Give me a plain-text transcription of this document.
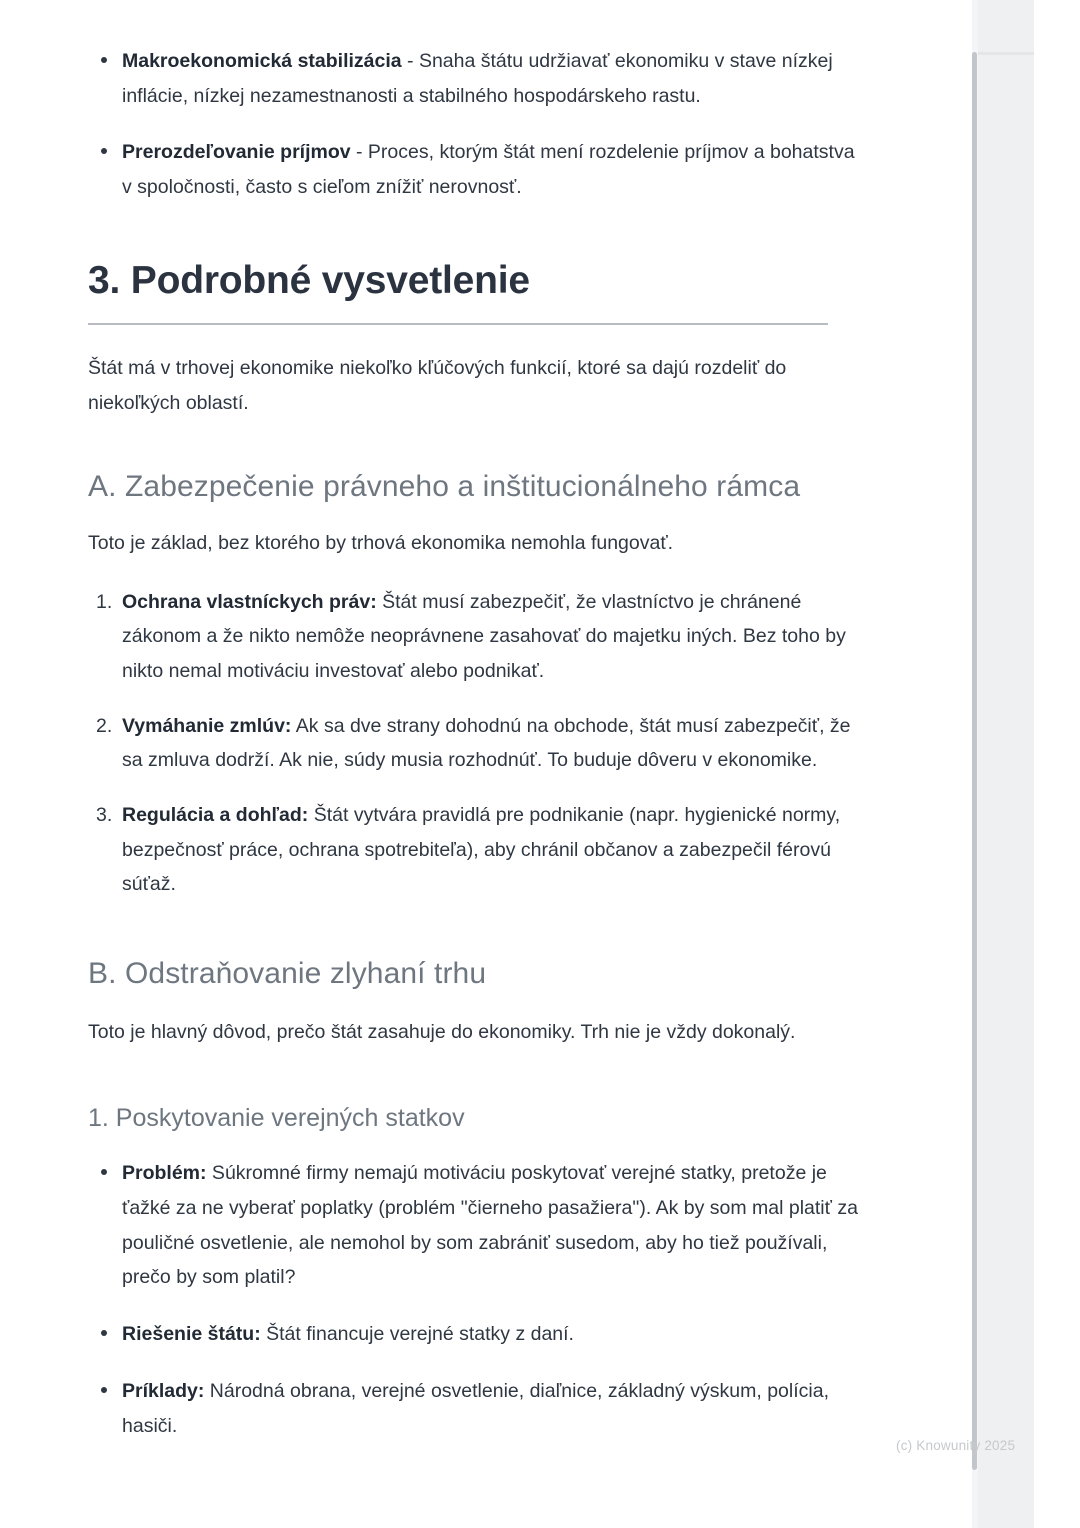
Makroekonomická stabilizácia - Snaha štátu udržiavať ekonomiku v stave nízkej inflácie, nízkej nezamestnanosti a stabilného hospodárskeho rastu.
Prerozdeľovanie príjmov - Proces, ktorým štát mení rozdelenie príjmov a bohatstva v spoločnosti, často s cieľom znížiť nerovnosť.
3. Podrobné vysvetlenie

Štát má v trhovej ekonomike niekoľko kľúčových funkcií, ktoré sa dajú rozdeliť do niekoľkých oblastí.

A. Zabezpečenie právneho a inštitucionálneho rámca

Toto je základ, bez ktorého by trhová ekonomika nemohla fungovať.

Ochrana vlastníckych práv: Štát musí zabezpečiť, že vlastníctvo je chránené zákonom a že nikto nemôže neoprávnene zasahovať do majetku iných. Bez toho by nikto nemal motiváciu investovať alebo podnikať.
Vymáhanie zmlúv: Ak sa dve strany dohodnú na obchode, štát musí zabezpečiť, že sa zmluva dodrží. Ak nie, súdy musia rozhodnúť. To buduje dôveru v ekonomike.
Regulácia a dohľad: Štát vytvára pravidlá pre podnikanie (napr. hygienické normy, bezpečnosť práce, ochrana spotrebiteľa), aby chránil občanov a zabezpečil férovú súťaž.
B. Odstraňovanie zlyhaní trhu

Toto je hlavný dôvod, prečo štát zasahuje do ekonomiky. Trh nie je vždy dokonalý.

1. Poskytovanie verejných statkov
Problém: Súkromné firmy nemajú motiváciu poskytovať verejné statky, pretože je ťažké za ne vyberať poplatky (problém "čierneho pasažiera"). Ak by som mal platiť za pouličné osvetlenie, ale nemohol by som zabrániť susedom, aby ho tiež používali, prečo by som platil?
Riešenie štátu: Štát financuje verejné statky z daní.
Príklady: Národná obrana, verejné osvetlenie, diaľnice, základný výskum, polícia, hasiči.
(c) Knowunity 2025
